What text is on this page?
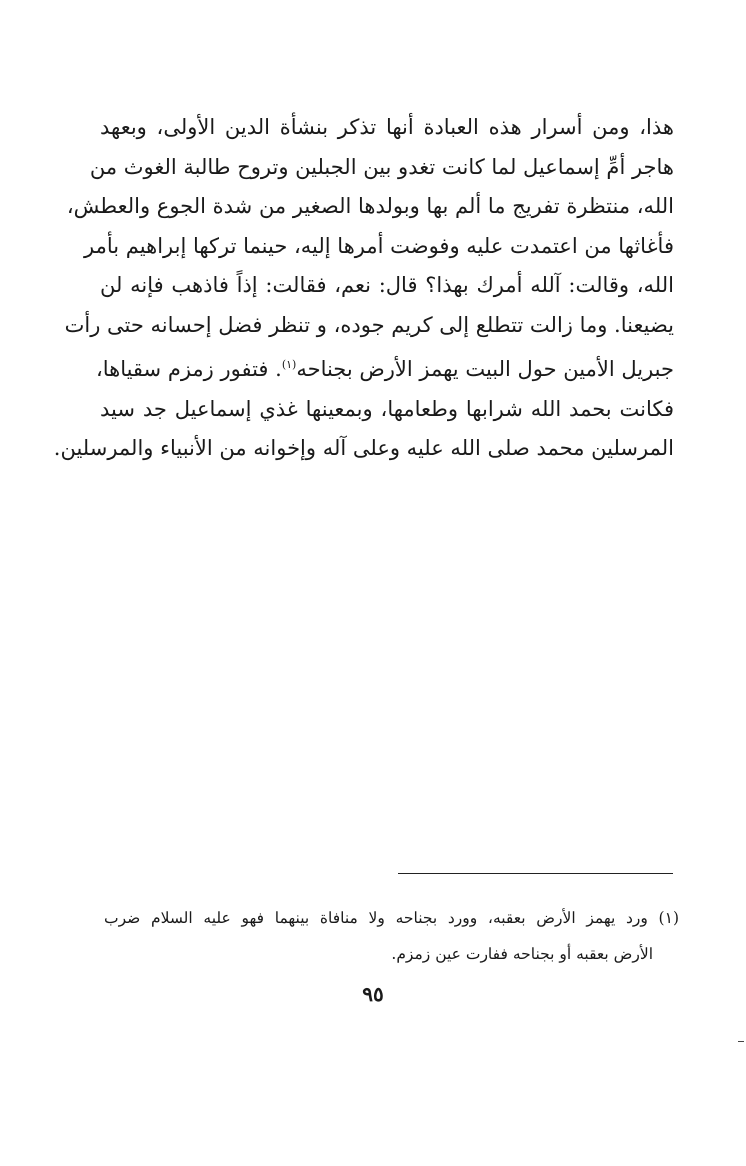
هذا، ومن أسرار هذه العبادة أنها تذكر بنشأة الدين الأولى، وبعهد
هاجر أمِّ إسماعيل لما كانت تغدو بين الجبلين وتروح طالبة الغوث من
الله، منتظرة تفريج ما ألم بها وبولدها الصغير من شدة الجوع والعطش،
فأغاثها من اعتمدت عليه وفوضت أمرها إليه، حينما تركها إبراهيم بأمر
الله، وقالت: آلله أمرك بهذا؟ قال: نعم، فقالت: إذاً فاذهب فإنه لن
يضيعنا. وما زالت تتطلع إلى كريم جوده، و تنظر فضل إحسانه حتى رأت
جبريل الأمين حول البيت يهمز الأرض بجناحه$^{(١)}$. فتفور زمزم سقياها،
فكانت بحمد الله شرابها وطعامها، وبمعينها غذي إسماعيل جد سيد
المرسلين محمد صلى الله عليه وعلى آله وإخوانه من الأنبياء والمرسلين.
(١) ورد يهمز الأرض بعقبه، وورد بجناحه ولا منافاة بينهما فهو عليه السلام ضرب
الأرض بعقبه أو بجناحه ففارت عين زمزم.
٩٥
